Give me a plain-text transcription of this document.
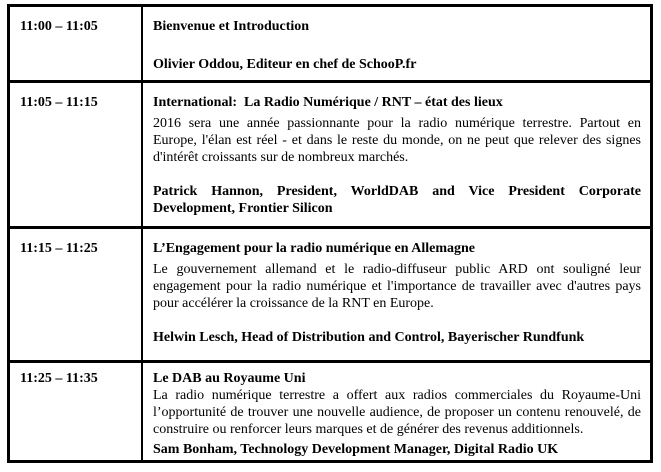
11:00 – 11:05	Bienvenue et Introduction
Olivier Oddou, Editeur en chef de SchooP.fr

11:05 – 11:15	International:  La Radio Numérique / RNT – état des lieux
2016 sera une année passionnante pour la radio numérique terrestre. Partout en Europe, l'élan est réel - et dans le reste du monde, on ne peut que relever des signes d'intérêt croissants sur de nombreux marchés.
Patrick Hannon, President, WorldDAB and Vice President Corporate Development, Frontier Silicon

11:15 – 11:25	L’Engagement pour la radio numérique en Allemagne
Le gouvernement allemand et le radio-diffuseur public ARD ont souligné leur engagement pour la radio numérique et l'importance de travailler avec d'autres pays pour accélérer la croissance de la RNT en Europe.
Helwin Lesch, Head of Distribution and Control, Bayerischer Rundfunk

11:25 – 11:35	Le DAB au Royaume Uni
La radio numérique terrestre a offert aux radios commerciales du Royaume-Uni l’opportunité de trouver une nouvelle audience, de proposer un contenu renouvelé, de construire ou renforcer leurs marques et de générer des revenus additionnels.
Sam Bonham, Technology Development Manager, Digital Radio UK
